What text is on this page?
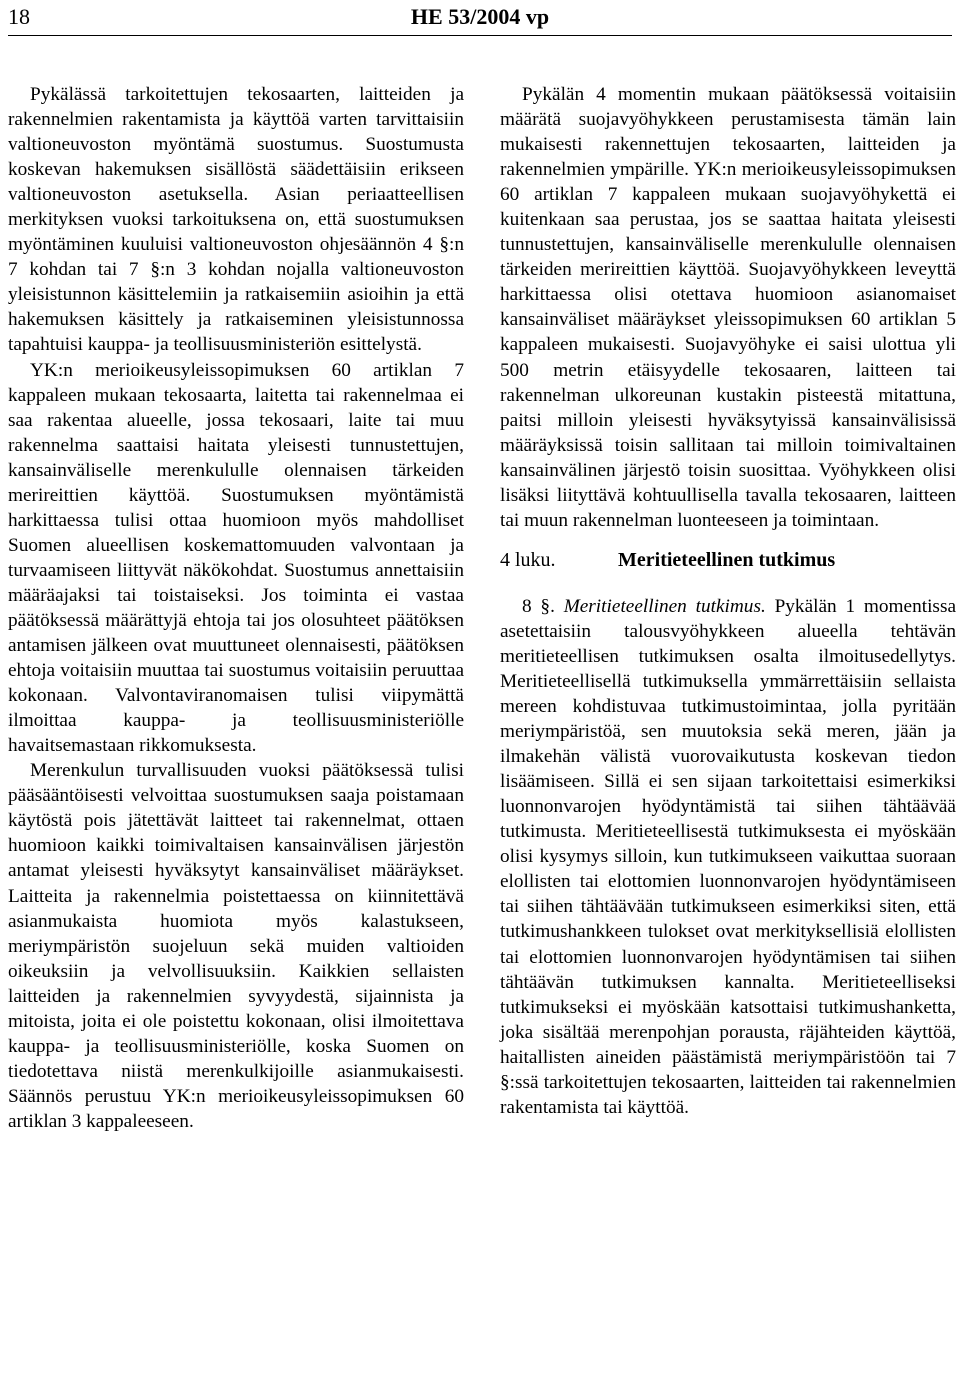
18	HE 53/2004 vp

Pykälässä tarkoitettujen tekosaarten, laitteiden ja rakennelmien rakentamista ja käyttöä varten tarvittaisiin valtioneuvoston myöntämä suostumus. Suostumusta koskevan hakemuksen sisällöstä säädettäisiin erikseen valtioneuvoston asetuksella. Asian periaatteellisen merkityksen vuoksi tarkoituksena on, että suostumuksen myöntäminen kuuluisi valtioneuvoston ohjesäännön 4 §:n 7 kohdan tai 7 §:n 3 kohdan nojalla valtioneuvoston yleisistunnon käsittelemiin ja ratkaisemiin asioihin ja että hakemuksen käsittely ja ratkaiseminen yleisistunnossa tapahtuisi kauppa- ja teollisuusministeriön esittelystä.

YK:n merioikeusyleissopimuksen 60 artiklan 7 kappaleen mukaan tekosaarta, laitetta tai rakennelmaa ei saa rakentaa alueelle, jossa tekosaari, laite tai muu rakennelma saattaisi haitata yleisesti tunnustettujen, kansainväliselle merenkululle olennaisen tärkeiden merireittien käyttöä. Suostumuksen myöntämistä harkittaessa tulisi ottaa huomioon myös mahdolliset Suomen alueellisen koskemattomuuden valvontaan ja turvaamiseen liittyvät näkökohdat. Suostumus annettaisiin määräajaksi tai toistaiseksi. Jos toiminta ei vastaa päätöksessä määrättyjä ehtoja tai jos olosuhteet päätöksen antamisen jälkeen ovat muuttuneet olennaisesti, päätöksen ehtoja voitaisiin muuttaa tai suostumus voitaisiin peruuttaa kokonaan. Valvontaviranomaisen tulisi viipymättä ilmoittaa kauppa- ja teollisuusministeriölle havaitsemastaan rikkomuksesta.

Merenkulun turvallisuuden vuoksi päätöksessä tulisi pääsääntöisesti velvoittaa suostumuksen saaja poistamaan käytöstä pois jätettävät laitteet tai rakennelmat, ottaen huomioon kaikki toimivaltaisen kansainvälisen järjestön antamat yleisesti hyväksytyt kansainväliset määräykset. Laitteita ja rakennelmia poistettaessa on kiinnitettävä asianmukaista huomiota myös kalastukseen, meriympäristön suojeluun sekä muiden valtioiden oikeuksiin ja velvollisuuksiin. Kaikkien sellaisten laitteiden ja rakennelmien syvyydestä, sijainnista ja mitoista, joita ei ole poistettu kokonaan, olisi ilmoitettava kauppa- ja teollisuusministeriölle, koska Suomen on tiedotettava niistä merenkulkijoille asianmukaisesti. Säännös perustuu YK:n merioikeusyleissopimuksen 60 artiklan 3 kappaleeseen.

Pykälän 4 momentin mukaan päätöksessä voitaisiin määrätä suojavyöhykkeen perustamisesta tämän lain mukaisesti rakennettujen tekosaarten, laitteiden ja rakennelmien ympärille. YK:n merioikeusyleissopimuksen 60 artiklan 7 kappaleen mukaan suojavyöhykettä ei kuitenkaan saa perustaa, jos se saattaa haitata yleisesti tunnustettujen, kansainväliselle merenkululle olennaisen tärkeiden merireittien käyttöä. Suojavyöhykkeen leveyttä harkittaessa olisi otettava huomioon asianomaiset kansainväliset määräykset yleissopimuksen 60 artiklan 5 kappaleen mukaisesti. Suojavyöhyke ei saisi ulottua yli 500 metrin etäisyydelle tekosaaren, laitteen tai rakennelman ulkoreunan kustakin pisteestä mitattuna, paitsi milloin yleisesti hyväksytyissä kansainvälisissä määräyksissä toisin sallitaan tai milloin toimivaltainen kansainvälinen järjestö toisin suosittaa. Vyöhykkeen olisi lisäksi liityttävä kohtuullisella tavalla tekosaaren, laitteen tai muun rakennelman luonteeseen ja toimintaan.

4 luku.	Meritieteellinen tutkimus

8 §. Meritieteellinen tutkimus. Pykälän 1 momentissa asetettaisiin talousvyöhykkeen alueella tehtävän meritieteellisen tutkimuksen osalta ilmoitusedellytys. Meritieteellisellä tutkimuksella ymmärrettäisiin sellaista mereen kohdistuvaa tutkimustoimintaa, jolla pyritään meriympäristöä, sen muutoksia sekä meren, jään ja ilmakehän välistä vuorovaikutusta koskevan tiedon lisäämiseen. Sillä ei sen sijaan tarkoitettaisi esimerkiksi luonnonvarojen hyödyntämistä tai siihen tähtäävää tutkimusta. Meritieteellisestä tutkimuksesta ei myöskään olisi kysymys silloin, kun tutkimukseen vaikuttaa suoraan elollisten tai elottomien luonnonvarojen hyödyntämiseen tai siihen tähtäävään tutkimukseen esimerkiksi siten, että tutkimushankkeen tulokset ovat merkityksellisiä elollisten tai elottomien luonnonvarojen hyödyntämisen tai siihen tähtäävän tutkimuksen kannalta. Meritieteelliseksi tutkimukseksi ei myöskään katsottaisi tutkimushanketta, joka sisältää merenpohjan porausta, räjähteiden käyttöä, haitallisten aineiden päästämistä meriympäristöön tai 7 §:ssä tarkoitettujen tekosaarten, laitteiden tai rakennelmien rakentamista tai käyttöä.
